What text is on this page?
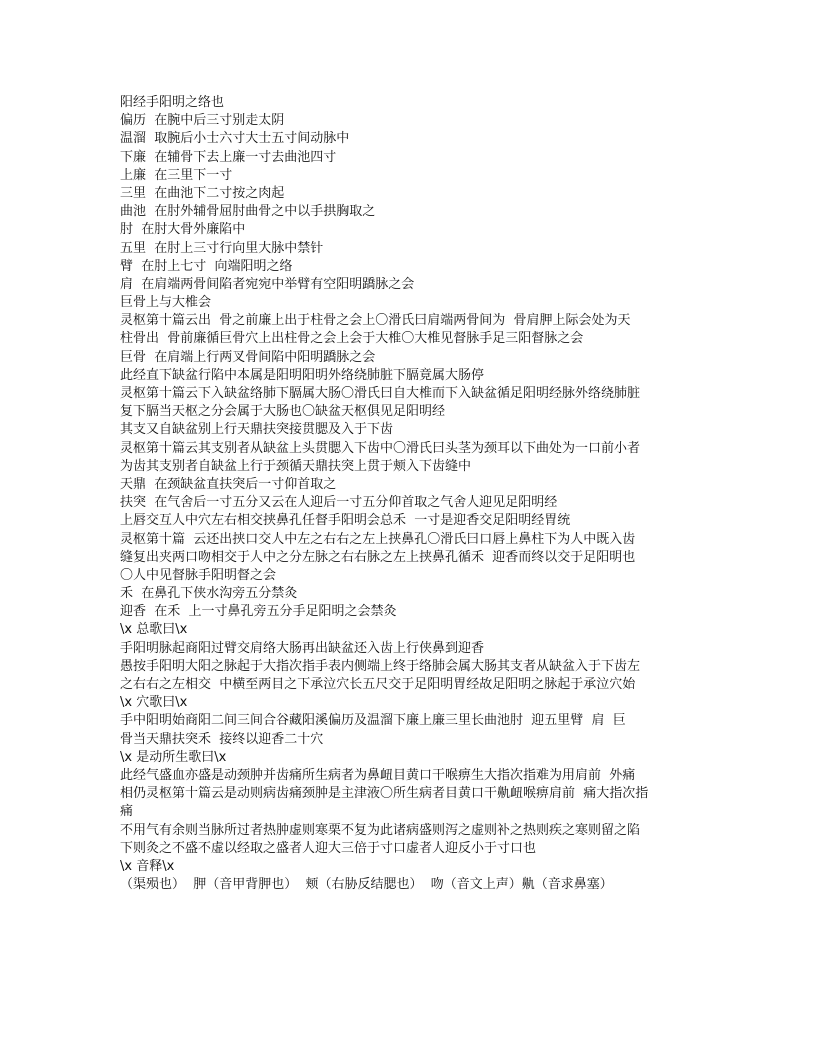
阳经手阳明之络也
偏历  在腕中后三寸别走太阴
温溜  取腕后小士六寸大士五寸间动脉中
下廉  在辅骨下去上廉一寸去曲池四寸
上廉  在三里下一寸
三里  在曲池下二寸按之肉起
曲池  在肘外辅骨屈肘曲骨之中以手拱胸取之
肘  在肘大骨外廉陷中
五里  在肘上三寸行向里大脉中禁针
臂  在肘上七寸  向端阳明之络
肩  在肩端两骨间陷者宛宛中举臂有空阳明蹻脉之会
巨骨上与大椎会
灵枢第十篇云出  骨之前廉上出于柱骨之会上〇滑氏曰肩端两骨间为  骨肩胛上际会处为天
柱骨出  骨前廉循巨骨穴上出柱骨之会上会于大椎〇大椎见督脉手足三阳督脉之会
巨骨  在肩端上行两叉骨间陷中阳明蹻脉之会
此经直下缺盆行陷中本属是阳明阳明外络绕肺脏下膈竟属大肠停
灵枢第十篇云下入缺盆络肺下膈属大肠〇滑氏曰自大椎而下入缺盆循足阳明经脉外络绕肺脏
复下膈当天枢之分会属于大肠也〇缺盆天枢俱见足阳明经
其支又自缺盆别上行天鼎扶突接贯腮及入于下齿
灵枢第十篇云其支别者从缺盆上头贯腮入下齿中〇滑氏曰头茎为颈耳以下曲处为一口前小者
为齿其支别者自缺盆上行于颈循天鼎扶突上贯于颊入下齿缝中
天鼎  在颈缺盆直扶突后一寸仰首取之
扶突  在气舍后一寸五分又云在人迎后一寸五分仰首取之气舍人迎见足阳明经
上唇交互人中穴左右相交挟鼻孔任督手阳明会总禾  一寸是迎香交足阳明经胃统
灵枢第十篇  云还出挟口交人中左之右右之左上挟鼻孔〇滑氏曰口唇上鼻柱下为人中既入齿
缝复出夹两口吻相交于人中之分左脉之右右脉之左上挟鼻孔循禾  迎香而终以交于足阳明也
〇人中见督脉手阳明督之会
禾  在鼻孔下侠水沟旁五分禁灸
迎香  在禾  上一寸鼻孔旁五分手足阳明之会禁灸
\x 总歌曰\x
手阳明脉起商阳过臂交肩络大肠再出缺盆还入齿上行侠鼻到迎香
愚按手阳明大阳之脉起于大指次指手表内侧端上终于络肺会属大肠其支者从缺盆入于下齿左
之右右之左相交  中横至两目之下承泣穴长五尺交于足阳明胃经故足阳明之脉起于承泣穴始
\x 穴歌曰\x
手中阳明始商阳二间三间合谷藏阳溪偏历及温溜下廉上廉三里长曲池肘  迎五里臂  肩  巨
骨当天鼎扶突禾  接终以迎香二十穴
\x 是动所生歌曰\x
此经气盛血亦盛是动颈肿并齿痛所生病者为鼻衄目黄口干喉痹生大指次指难为用肩前  外痛
相仍灵枢第十篇云是动则病齿痛颈肿是主津液〇所生病者目黄口干鼽衄喉痹肩前  痛大指次指
痛
不用气有余则当脉所过者热肿虚则寒栗不复为此诸病盛则泻之虚则补之热则疾之寒则留之陷
下则灸之不盛不虚以经取之盛者人迎大三倍于寸口虚者人迎反小于寸口也
\x 音释\x
（渠殒也）  胛（音甲背胛也）  颊（右胁反结腮也）  吻（音文上声）鼽（音求鼻塞）
